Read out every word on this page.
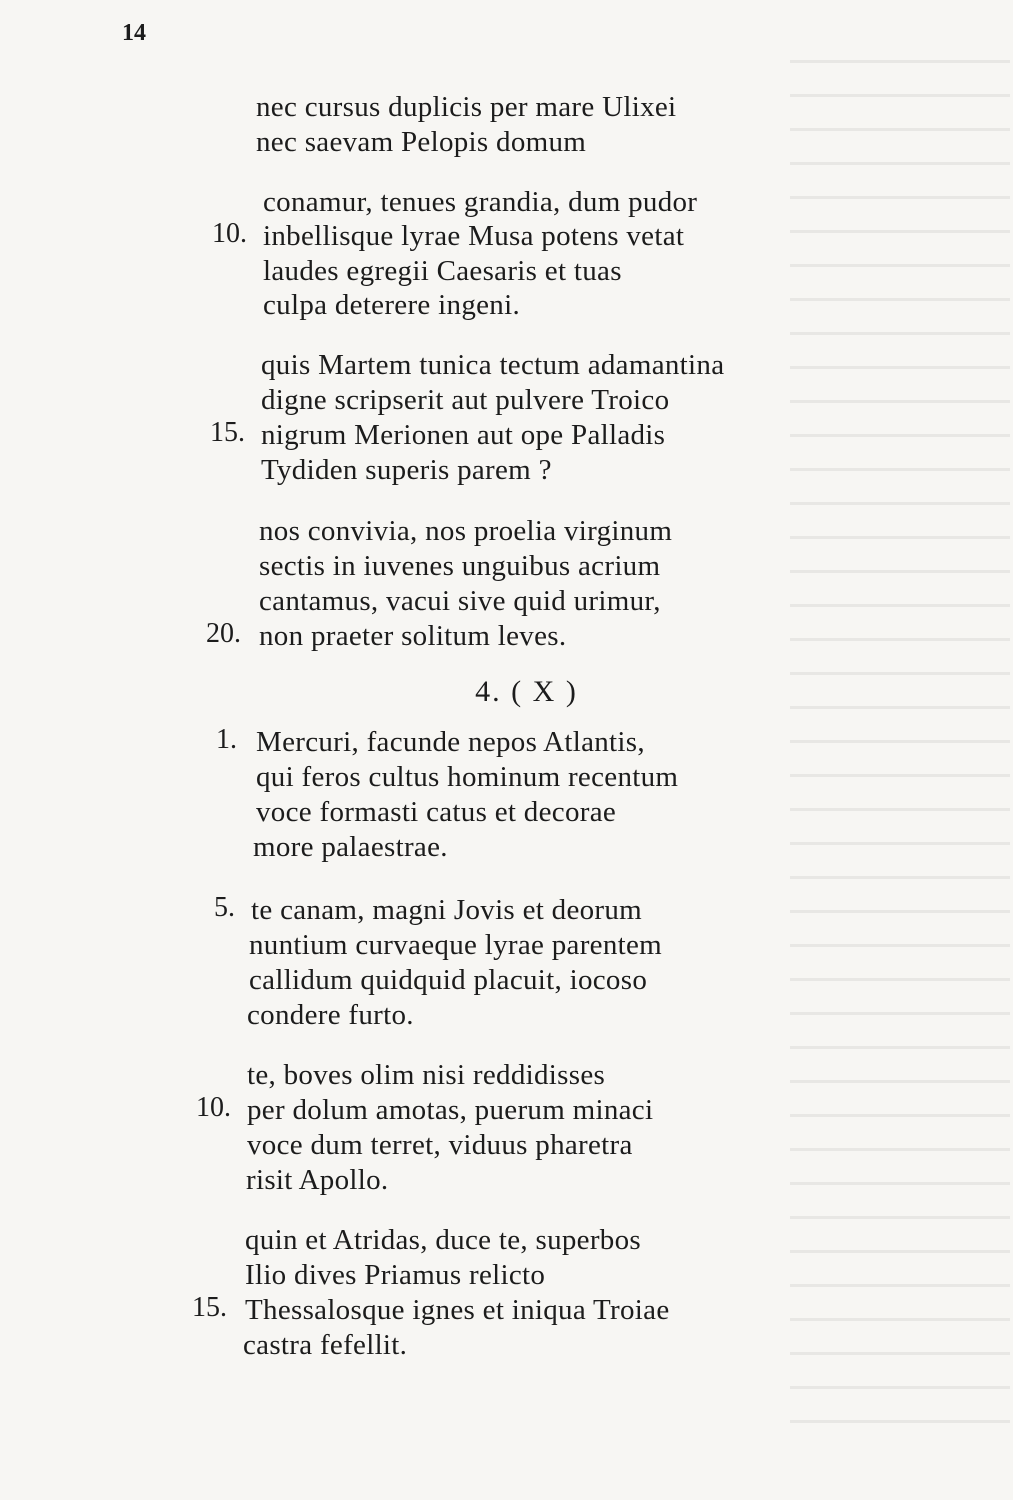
14
nec cursus duplicis per mare Ulixei
nec saevam Pelopis domum
conamur, tenues grandia, dum pudor
10. inbellisque lyrae Musa potens vetat
laudes egregii Caesaris et tuas
culpa deterere ingeni.
quis Martem tunica tectum adamantina
digne scripserit aut pulvere Troico
15. nigrum Merionen aut ope Palladis
Tydiden superis parem ?
nos convivia, nos proelia virginum
sectis in iuvenes unguibus acrium
cantamus, vacui sive quid urimur,
20. non praeter solitum leves.
4. ( X )
1. Mercuri, facunde nepos Atlantis,
qui feros cultus hominum recentum
voce formasti catus et decorae
more palaestrae.
5. te canam, magni Jovis et deorum
nuntium curvaeque lyrae parentem
callidum quidquid placuit, iocoso
condere furto.
te, boves olim nisi reddidisses
10. per dolum amotas, puerum minaci
voce dum terret, viduus pharetra
risit Apollo.
quin et Atridas, duce te, superbos
Ilio dives Priamus relicto
15. Thessalosque ignes et iniqua Troiae
castra fefellit.
